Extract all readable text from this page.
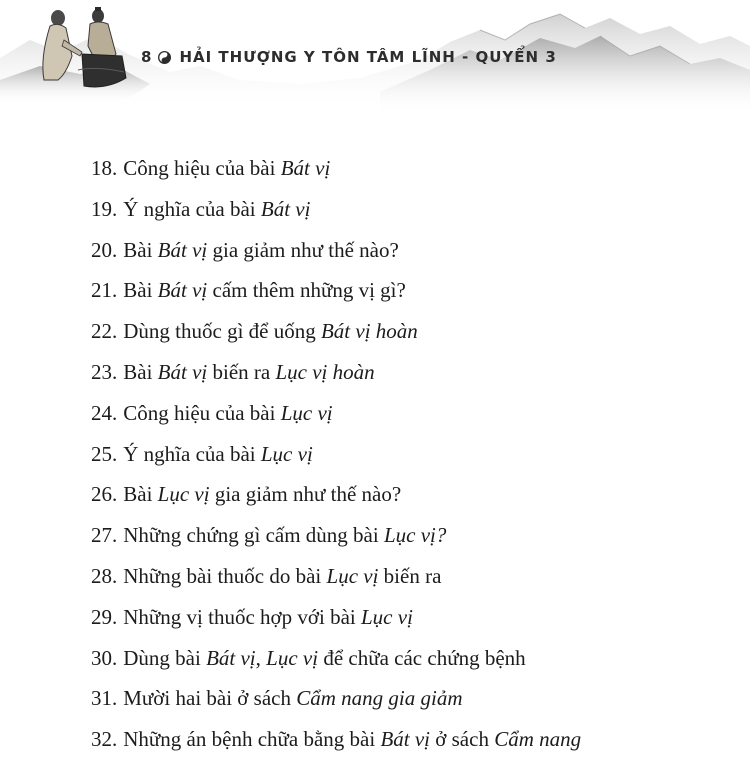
8 HẢI THƯỢNG Y TÔN TÂM LĨNH - QUYỂN 3
18. Công hiệu của bài Bát vị
19. Ý nghĩa của bài Bát vị
20. Bài Bát vị gia giảm như thế nào?
21. Bài Bát vị cấm thêm những vị gì?
22. Dùng thuốc gì để uống Bát vị hoàn
23. Bài Bát vị biến ra Lục vị hoàn
24. Công hiệu của bài Lục vị
25. Ý nghĩa của bài Lục vị
26. Bài Lục vị gia giảm như thế nào?
27. Những chứng gì cấm dùng bài Lục vị?
28. Những bài thuốc do bài Lục vị biến ra
29. Những vị thuốc hợp với bài Lục vị
30. Dùng bài Bát vị, Lục vị để chữa các chứng bệnh
31. Mười hai bài ở sách Cẩm nang gia giảm
32. Những án bệnh chữa bằng bài Bát vị ở sách Cẩm nang
